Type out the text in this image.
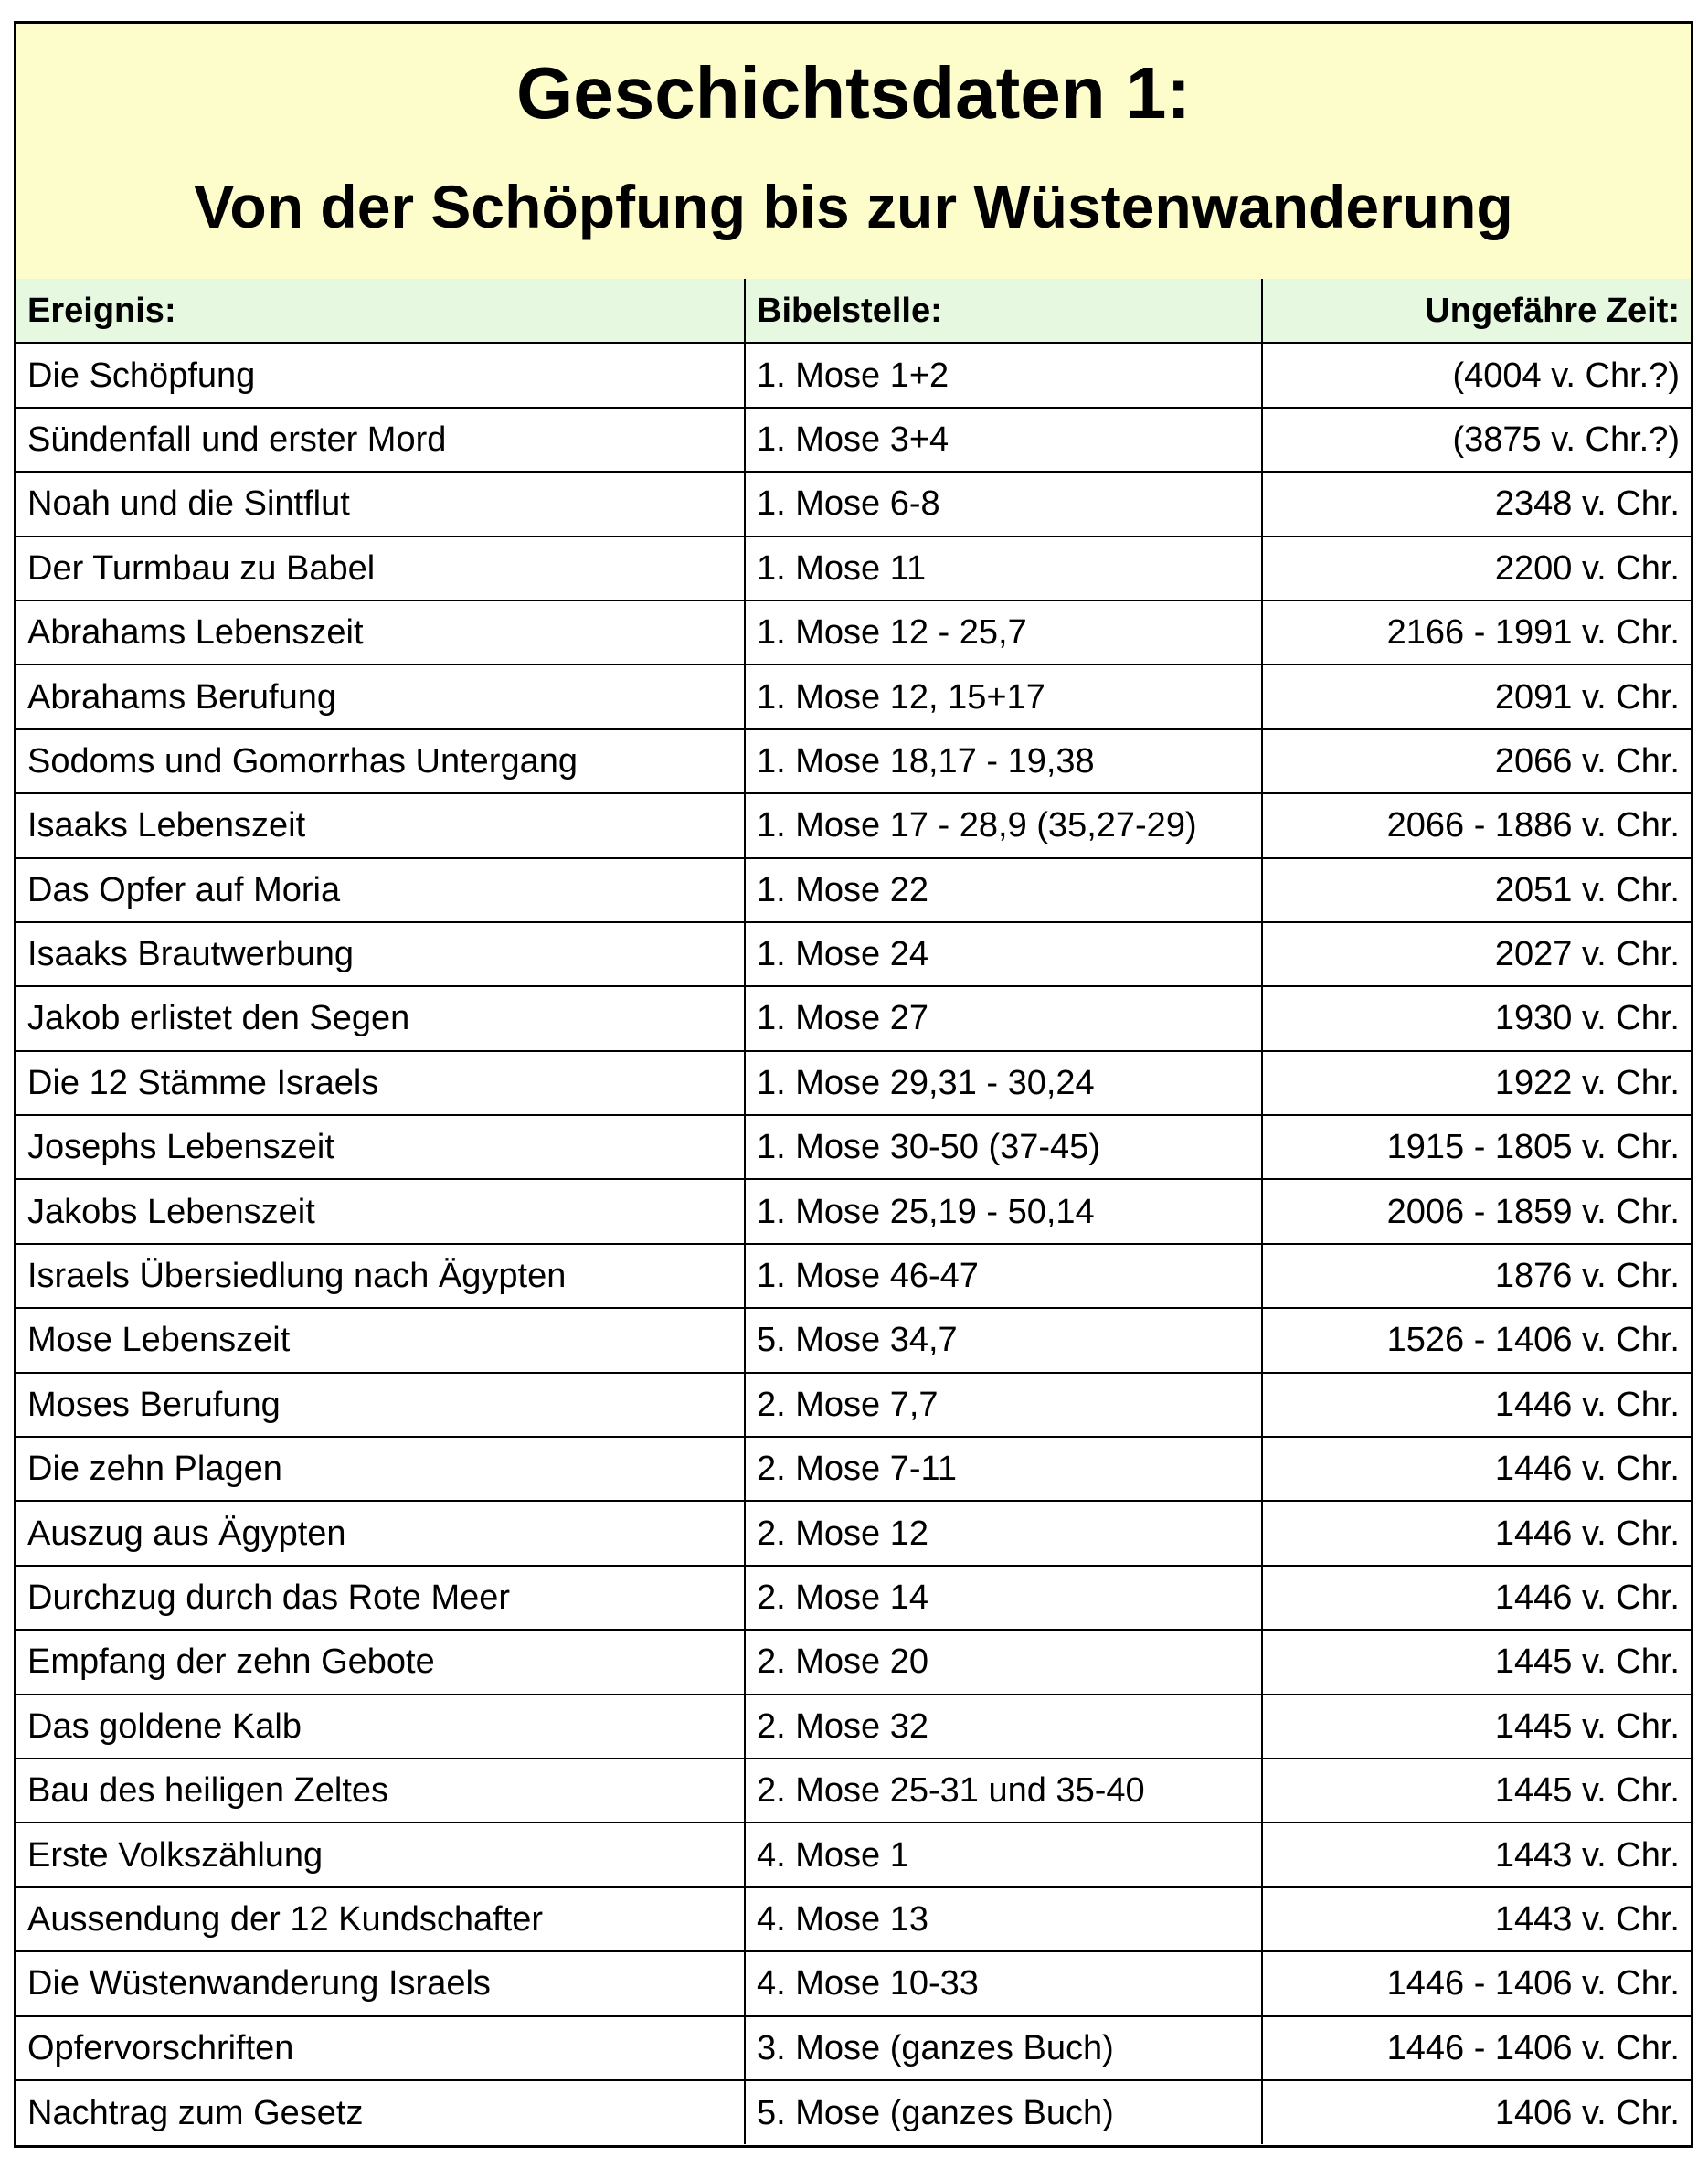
Geschichtsdaten 1:
Von der Schöpfung bis zur Wüstenwanderung
Ereignis:	Bibelstelle:	Ungefähre Zeit:
Die Schöpfung	1. Mose 1+2	(4004 v. Chr.?)
Sündenfall und erster Mord	1. Mose 3+4	(3875 v. Chr.?)
Noah und die Sintflut	1. Mose 6-8	2348 v. Chr.
Der Turmbau zu Babel	1. Mose 11	2200 v. Chr.
Abrahams Lebenszeit	1. Mose 12 - 25,7	2166 - 1991 v. Chr.
Abrahams Berufung	1. Mose 12, 15+17	2091 v. Chr.
Sodoms und Gomorrhas Untergang	1. Mose 18,17 - 19,38	2066 v. Chr.
Isaaks Lebenszeit	1. Mose 17 - 28,9 (35,27-29)	2066 - 1886 v. Chr.
Das Opfer auf Moria	1. Mose 22	2051 v. Chr.
Isaaks Brautwerbung	1. Mose 24	2027 v. Chr.
Jakob erlistet den Segen	1. Mose 27	1930 v. Chr.
Die 12 Stämme Israels	1. Mose 29,31 - 30,24	1922 v. Chr.
Josephs Lebenszeit	1. Mose 30-50 (37-45)	1915 - 1805 v. Chr.
Jakobs Lebenszeit	1. Mose 25,19 - 50,14	2006 - 1859 v. Chr.
Israels Übersiedlung nach Ägypten	1. Mose 46-47	1876 v. Chr.
Mose Lebenszeit	5. Mose 34,7	1526 - 1406 v. Chr.
Moses Berufung	2. Mose 7,7	1446 v. Chr.
Die zehn Plagen	2. Mose 7-11	1446 v. Chr.
Auszug aus Ägypten	2. Mose 12	1446 v. Chr.
Durchzug durch das Rote Meer	2. Mose 14	1446 v. Chr.
Empfang der zehn Gebote	2. Mose 20	1445 v. Chr.
Das goldene Kalb	2. Mose 32	1445 v. Chr.
Bau des heiligen Zeltes	2. Mose 25-31 und 35-40	1445 v. Chr.
Erste Volkszählung	4. Mose 1	1443 v. Chr.
Aussendung der 12 Kundschafter	4. Mose 13	1443 v. Chr.
Die Wüstenwanderung Israels	4. Mose 10-33	1446 - 1406 v. Chr.
Opfervorschriften	3. Mose (ganzes Buch)	1446 - 1406 v. Chr.
Nachtrag zum Gesetz	5. Mose (ganzes Buch)	1406 v. Chr.
